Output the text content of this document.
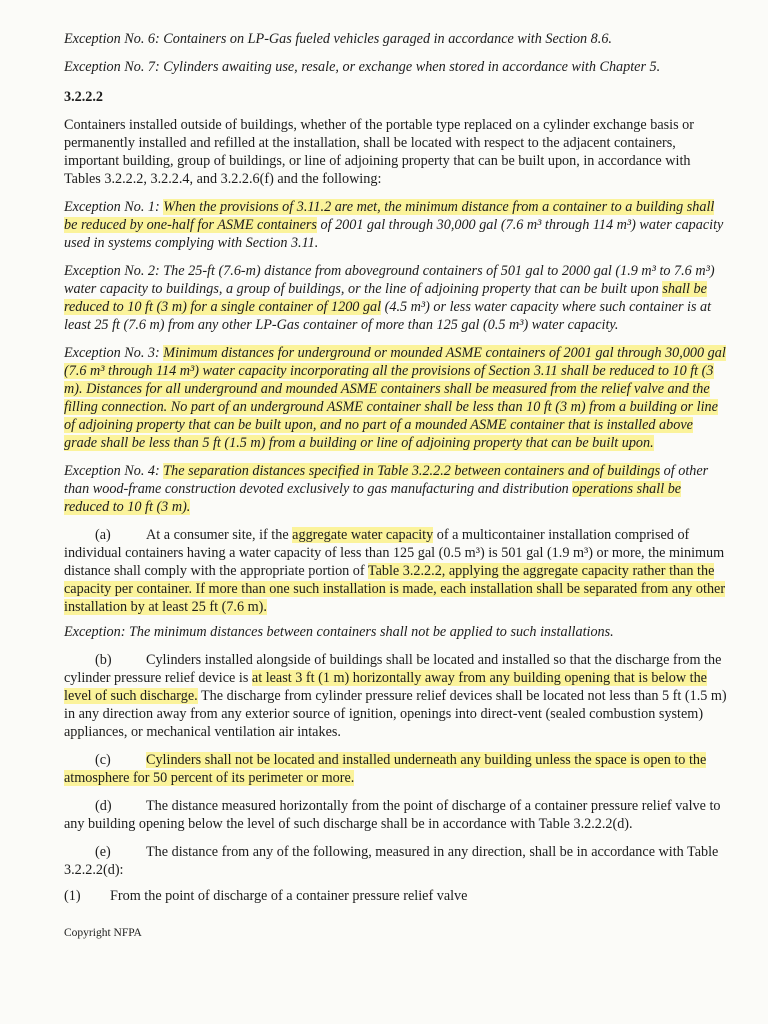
Exception No. 6: Containers on LP-Gas fueled vehicles garaged in accordance with Section 8.6.

Exception No. 7: Cylinders awaiting use, resale, or exchange when stored in accordance with Chapter 5.

3.2.2.2

Containers installed outside of buildings, whether of the portable type replaced on a cylinder exchange basis or permanently installed and refilled at the installation, shall be located with respect to the adjacent containers, important building, group of buildings, or line of adjoining property that can be built upon, in accordance with Tables 3.2.2.2, 3.2.2.4, and 3.2.2.6(f) and the following:

Exception No. 1: When the provisions of 3.11.2 are met, the minimum distance from a container to a building shall be reduced by one-half for ASME containers of 2001 gal through 30,000 gal (7.6 m³ through 114 m³) water capacity used in systems complying with Section 3.11.

Exception No. 2: The 25-ft (7.6-m) distance from aboveground containers of 501 gal to 2000 gal (1.9 m³ to 7.6 m³) water capacity to buildings, a group of buildings, or the line of adjoining property that can be built upon shall be reduced to 10 ft (3 m) for a single container of 1200 gal (4.5 m³) or less water capacity where such container is at least 25 ft (7.6 m) from any other LP-Gas container of more than 125 gal (0.5 m³) water capacity.

Exception No. 3: Minimum distances for underground or mounded ASME containers of 2001 gal through 30,000 gal (7.6 m³ through 114 m³) water capacity incorporating all the provisions of Section 3.11 shall be reduced to 10 ft (3 m). Distances for all underground and mounded ASME containers shall be measured from the relief valve and the filling connection. No part of an underground ASME container shall be less than 10 ft (3 m) from a building or line of adjoining property that can be built upon, and no part of a mounded ASME container that is installed above grade shall be less than 5 ft (1.5 m) from a building or line of adjoining property that can be built upon.

Exception No. 4: The separation distances specified in Table 3.2.2.2 between containers and of buildings of other than wood-frame construction devoted exclusively to gas manufacturing and distribution operations shall be reduced to 10 ft (3 m).

(a) At a consumer site, if the aggregate water capacity of a multicontainer installation comprised of individual containers having a water capacity of less than 125 gal (0.5 m³) is 501 gal (1.9 m³) or more, the minimum distance shall comply with the appropriate portion of Table 3.2.2.2, applying the aggregate capacity rather than the capacity per container. If more than one such installation is made, each installation shall be separated from any other installation by at least 25 ft (7.6 m).

Exception: The minimum distances between containers shall not be applied to such installations.

(b) Cylinders installed alongside of buildings shall be located and installed so that the discharge from the cylinder pressure relief device is at least 3 ft (1 m) horizontally away from any building opening that is below the level of such discharge. The discharge from cylinder pressure relief devices shall be located not less than 5 ft (1.5 m) in any direction away from any exterior source of ignition, openings into direct-vent (sealed combustion system) appliances, or mechanical ventilation air intakes.

(c) Cylinders shall not be located and installed underneath any building unless the space is open to the atmosphere for 50 percent of its perimeter or more.

(d) The distance measured horizontally from the point of discharge of a container pressure relief valve to any building opening below the level of such discharge shall be in accordance with Table 3.2.2.2(d).

(e) The distance from any of the following, measured in any direction, shall be in accordance with Table 3.2.2.2(d):

(1) From the point of discharge of a container pressure relief valve

Copyright NFPA
